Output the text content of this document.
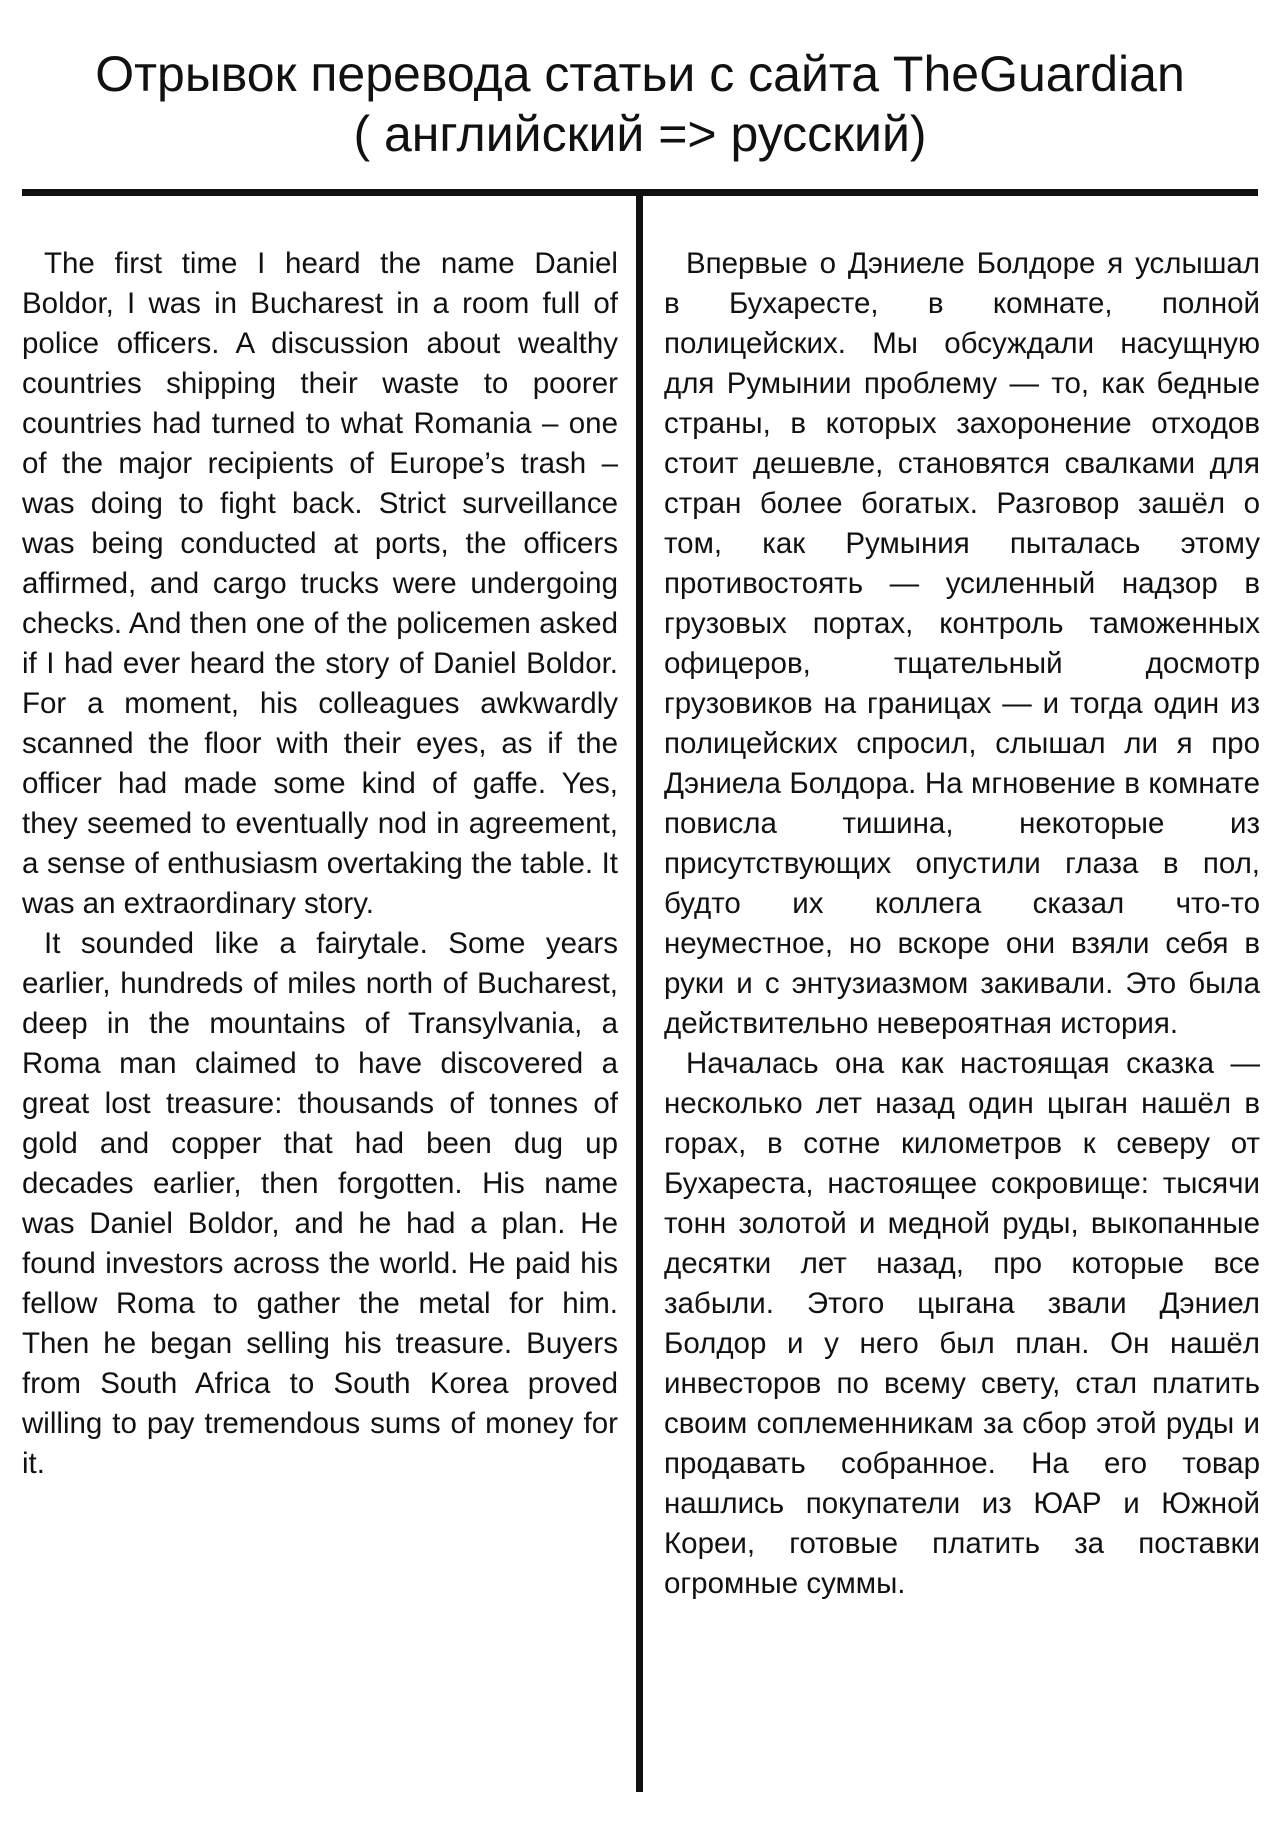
Отрывок перевода статьи с сайта TheGuardian
( английский => русский)

The first time I heard the name Daniel Boldor, I was in Bucharest in a room full of police officers. A discussion about wealthy countries shipping their waste to poorer countries had turned to what Romania – one of the major recipients of Europe’s trash – was doing to fight back. Strict surveillance was being conducted at ports, the officers affirmed, and cargo trucks were undergoing checks. And then one of the policemen asked if I had ever heard the story of Daniel Boldor. For a moment, his colleagues awkwardly scanned the floor with their eyes, as if the officer had made some kind of gaffe. Yes, they seemed to eventually nod in agreement, a sense of enthusiasm overtaking the table. It was an extraordinary story.

It sounded like a fairytale. Some years earlier, hundreds of miles north of Bucharest, deep in the mountains of Transylvania, a Roma man claimed to have discovered a great lost treasure: thousands of tonnes of gold and copper that had been dug up decades earlier, then forgotten. His name was Daniel Boldor, and he had a plan. He found investors across the world. He paid his fellow Roma to gather the metal for him. Then he began selling his treasure. Buyers from South Africa to South Korea proved willing to pay tremendous sums of money for it.

Впервые о Дэниеле Болдоре я услышал в Бухаресте, в комнате, полной полицейских. Мы обсуждали насущную для Румынии проблему — то, как бедные страны, в которых захоронение отходов стоит дешевле, становятся свалками для стран более богатых. Разговор зашёл о том, как Румыния пыталась этому противостоять — усиленный надзор в грузовых портах, контроль таможенных офицеров, тщательный досмотр грузовиков на границах — и тогда один из полицейских спросил, слышал ли я про Дэниела Болдора. На мгновение в комнате повисла тишина, некоторые из присутствующих опустили глаза в пол, будто их коллега сказал что-то неуместное, но вскоре они взяли себя в руки и с энтузиазмом закивали. Это была действительно невероятная история.

Началась она как настоящая сказка — несколько лет назад один цыган нашёл в горах, в сотне километров к северу от Бухареста, настоящее сокровище: тысячи тонн золотой и медной руды, выкопанные десятки лет назад, про которые все забыли. Этого цыгана звали Дэниел Болдор и у него был план. Он нашёл инвесторов по всему свету, стал платить своим соплеменникам за сбор этой руды и продавать собранное. На его товар нашлись покупатели из ЮАР и Южной Кореи, готовые платить за поставки огромные суммы.
